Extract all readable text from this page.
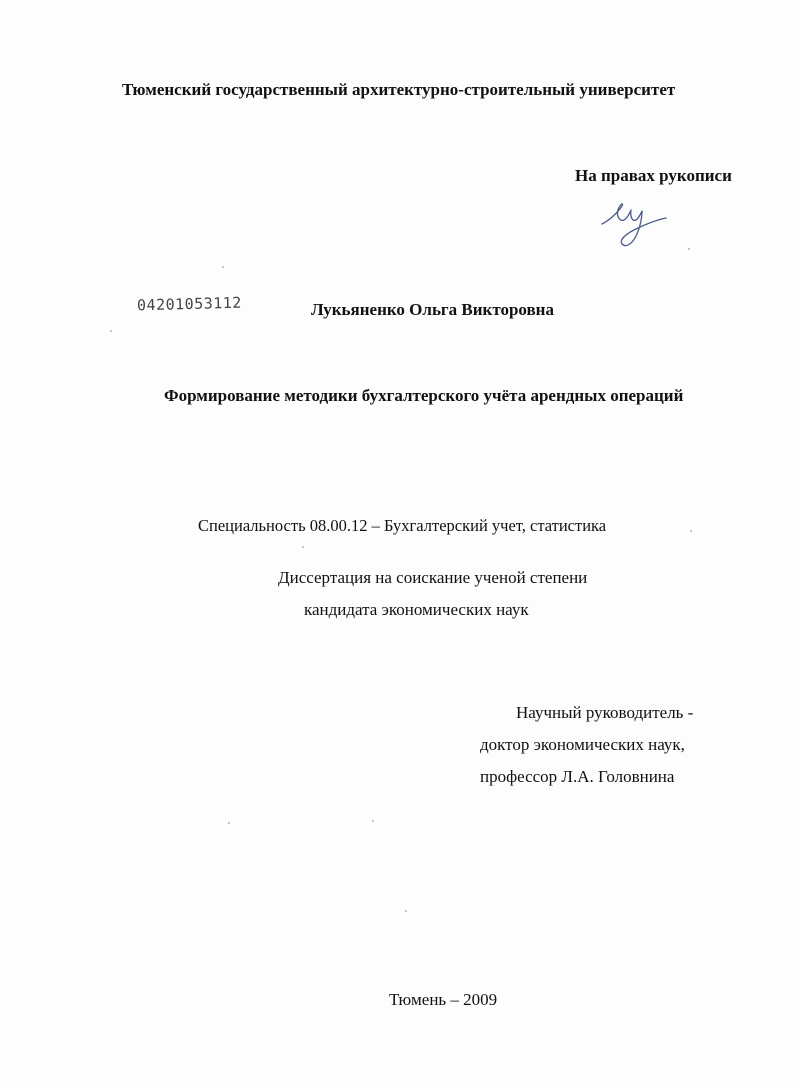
Тюменский государственный архитектурно-строительный университет
На правах рукописи
04201053112	Лукьяненко Ольга Викторовна
Формирование методики бухгалтерского учёта арендных операций
Специальность 08.00.12 – Бухгалтерский учет, статистика
Диссертация на соискание ученой степени
кандидата экономических наук
Научный руководитель -
доктор экономических наук,
профессор Л.А. Головнина
Тюмень – 2009
